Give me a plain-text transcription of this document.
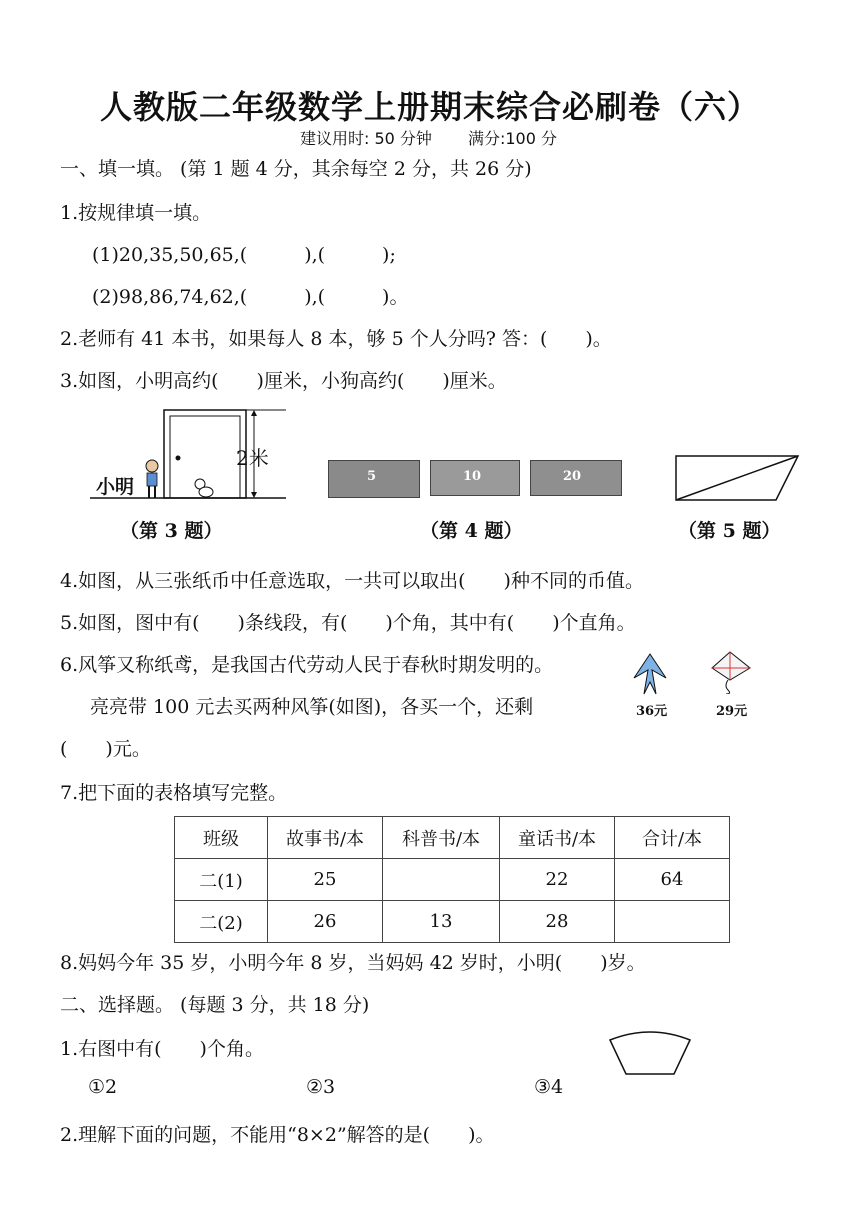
人教版二年级数学上册期末综合必刷卷（六）
建议用时: 50 分钟 满分:100 分
一、填一填。 (第 1 题 4 分，其余每空 2 分，共 26 分)
1.按规律填一填。
(1)20,35,50,65,(　　　),(　　　);
(2)98,86,74,62,(　　　),(　　　)。
2.老师有 41 本书，如果每人 8 本，够 5 个人分吗? 答：(　　)。
3.如图，小明高约(　　)厘米，小狗高约(　　)厘米。
小明
2米
（第 3 题）
5	10	20
（第 4 题）	（第 5 题）
4.如图，从三张纸币中任意选取，一共可以取出(　　)种不同的币值。
5.如图，图中有(　　)条线段，有(　　)个角，其中有(　　)个直角。
6.风筝又称纸鸢，是我国古代劳动人民于春秋时期发明的。
亮亮带 100 元去买两种风筝(如图)，各买一个，还剩
(　　)元。
36元	29元
7.把下面的表格填写完整。
班级	故事书/本	科普书/本	童话书/本	合计/本
二(1)	25		22	64
二(2)	26	13	28	
8.妈妈今年 35 岁，小明今年 8 岁，当妈妈 42 岁时，小明(　　)岁。
二、选择题。 (每题 3 分，共 18 分)
1.右图中有(　　)个角。
①2	②3	③4
2.理解下面的问题，不能用“8×2”解答的是(　　)。
